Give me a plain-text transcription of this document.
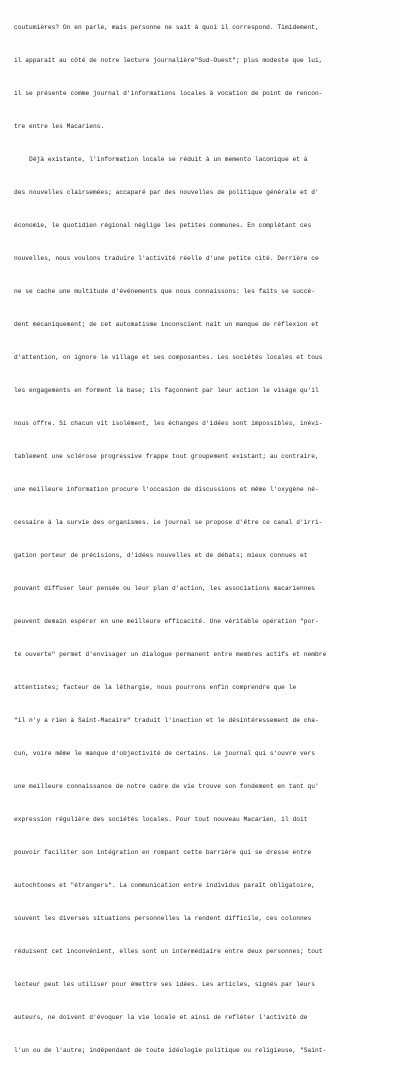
coutumières? On en parle, mais personne ne sait à quoi il correspond. Timidement,

il apparaît au côté de notre lecture journalière"Sud-Ouest"; plus modeste que lui,

il se présente comme journal d'informations locales à vocation de point de rencon-

tre entre les Macariens.

Déjà existante, l'information locale se réduit à un memento laconique et à

des nouvelles clairsemées; accaparé par des nouvelles de politique générale et d'

économie, le quotidien régional néglige les petites communes. En complétant ces

nouvelles, nous voulons traduire l'activité réelle d'une petite cité. Derrière ce

ne se cache une multitude d'événements que nous connaissons: les faits se succè-

dent mécaniquement; de cet automatisme inconscient naît un manque de réflexion et

d'attention, on ignore le village et ses composantes. Les sociétés locales et tous

les engagements en forment la base; ils façonnent par leur action le visage qu'il

nous offre. Si chacun vit isolément, les échanges d'idées sont impossibles, inévi-

tablement une sclérose progressive frappe tout groupement existant; au contraire,

une meilleure information procure l'occasion de discussions et même l'oxygène né-

cessaire à la survie des organismes. Le journal se propose d'être ce canal d'irri-

gation porteur de précisions, d'idées nouvelles et de débats; mieux connues et

pouvant diffuser leur pensée ou leur plan d'action, les associations macariennes

peuvent demain espérer en une meilleure efficacité. Une véritable opération "por-

te ouverte" permet d'envisager un dialogue permanent entre membres actifs et nembre

attentistes; facteur de la léthargie, nous pourrons enfin comprendre que le

"il n'y a rien à Saint-Macaire" traduit l'inaction et le désintéressement de cha-

cun, voire même le manque d'objectivité de certains. Le journal qui s'ouvre vers

une meilleure connaissance de notre cadre de vie trouve son fondement en tant qu'

expression régulière des sociétés locales. Pour tout nouveau Macarien, il doit

pouvoir faciliter son intégration en rompant cette barrière qui se dresse entre

autochtones et "étrangers". La communication entre individus paraît obligatoire,

souvent les diverses situations personnelles la rendent difficile, ces colonnes

réduisent cet inconvénient, elles sont un intermédiaire entre deux personnes; tout

lecteur peut les utiliser pour émettre ses idées. Les articles, signés par leurs

auteurs, ne doivent d'évoquer la vie locale et ainsi de refléter l'activité de

l'un ou de l'autre; indépendant de toute idéologie politique ou religieuse, "Saint-
